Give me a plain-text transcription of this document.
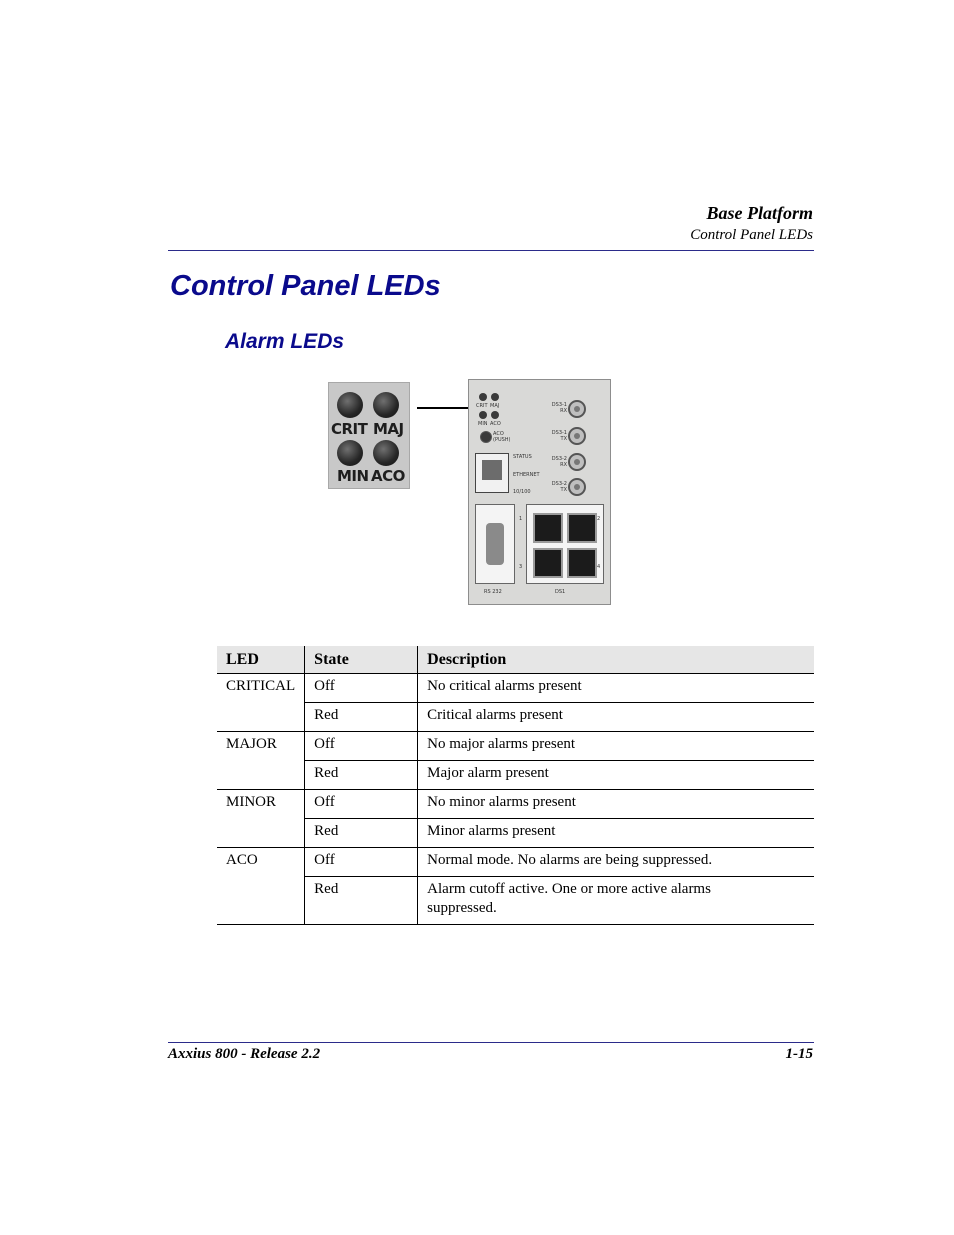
Base Platform
Control Panel LEDs
Control Panel LEDs
Alarm LEDs
CRIT MAJ
MIN ACO
CRIT MAJ
MIN ACO
ACO (PUSH)
DS3-1 RX
DS3-1 TX
DS3-2 RX
DS3-2 TX
STATUS
ETHERNET
10/100
RS 232
1	2
3	4
DS1
LED	State	Description
CRITICAL	Off	No critical alarms present
	Red	Critical alarms present
MAJOR	Off	No major alarms present
	Red	Major alarm present
MINOR	Off	No minor alarms present
	Red	Minor alarms present
ACO	Off	Normal mode. No alarms are being suppressed.
	Red	Alarm cutoff active. One or more active alarms suppressed.
Axxius 800 - Release 2.2	1-15
